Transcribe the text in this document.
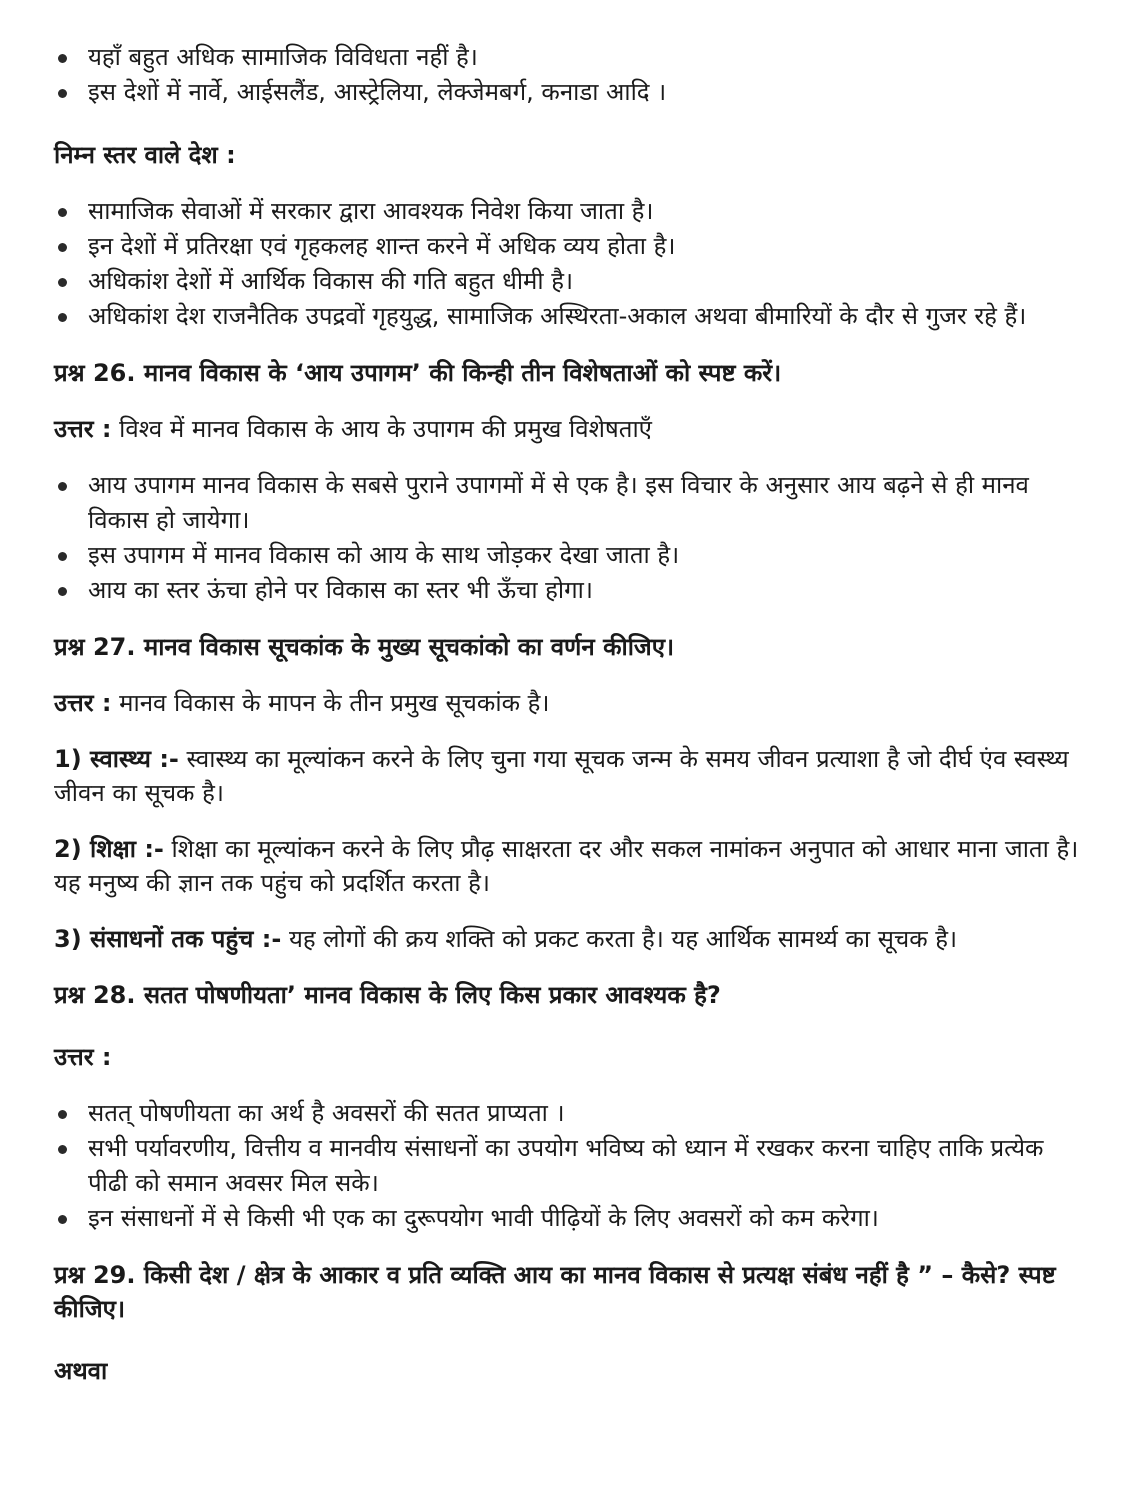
यहाँ बहुत अधिक सामाजिक विविधता नहीं है।
इस देशों में नार्वे, आईसलैंड, आस्ट्रेलिया, लेक्जेमबर्ग, कनाडा आदि ।

निम्न स्तर वाले देश :

सामाजिक सेवाओं में सरकार द्वारा आवश्यक निवेश किया जाता है।
इन देशों में प्रतिरक्षा एवं गृहकलह शान्त करने में अधिक व्यय होता है।
अधिकांश देशों में आर्थिक विकास की गति बहुत धीमी है।
अधिकांश देश राजनैतिक उपद्रवों गृहयुद्ध, सामाजिक अस्थिरता-अकाल अथवा बीमारियों के दौर से गुजर रहे हैं।

प्रश्न 26. मानव विकास के ‘आय उपागम’ की किन्ही तीन विशेषताओं को स्पष्ट करें।

उत्तर : विश्व में मानव विकास के आय के उपागम की प्रमुख विशेषताएँ

आय उपागम मानव विकास के सबसे पुराने उपागमों में से एक है। इस विचार के अनुसार आय बढ़ने से ही मानव विकास हो जायेगा।
इस उपागम में मानव विकास को आय के साथ जोड़कर देखा जाता है।
आय का स्तर ऊंचा होने पर विकास का स्तर भी ऊँचा होगा।

प्रश्न 27. मानव विकास सूचकांक के मुख्य सूचकांको का वर्णन कीजिए।

उत्तर : मानव विकास के मापन के तीन प्रमुख सूचकांक है।

1) स्वास्थ्य :- स्वास्थ्य का मूल्यांकन करने के लिए चुना गया सूचक जन्म के समय जीवन प्रत्याशा है जो दीर्घ एंव स्वस्थ्य जीवन का सूचक है।

2) शिक्षा :- शिक्षा का मूल्यांकन करने के लिए प्रौढ़ साक्षरता दर और सकल नामांकन अनुपात को आधार माना जाता है। यह मनुष्य की ज्ञान तक पहुंच को प्रदर्शित करता है।

3) संसाधनों तक पहुंच :- यह लोगों की क्रय शक्ति को प्रकट करता है। यह आर्थिक सामर्थ्य का सूचक है।

प्रश्न 28. सतत पोषणीयता’ मानव विकास के लिए किस प्रकार आवश्यक है?

उत्तर :

सतत् पोषणीयता का अर्थ है अवसरों की सतत प्राप्यता ।
सभी पर्यावरणीय, वित्तीय व मानवीय संसाधनों का उपयोग भविष्य को ध्यान में रखकर करना चाहिए ताकि प्रत्येक पीढी को समान अवसर मिल सके।
इन संसाधनों में से किसी भी एक का दुरूपयोग भावी पीढ़ियों के लिए अवसरों को कम करेगा।

प्रश्न 29. किसी देश / क्षेत्र के आकार व प्रति व्यक्ति आय का मानव विकास से प्रत्यक्ष संबंध नहीं है ” – कैसे? स्पष्ट कीजिए।

अथवा
